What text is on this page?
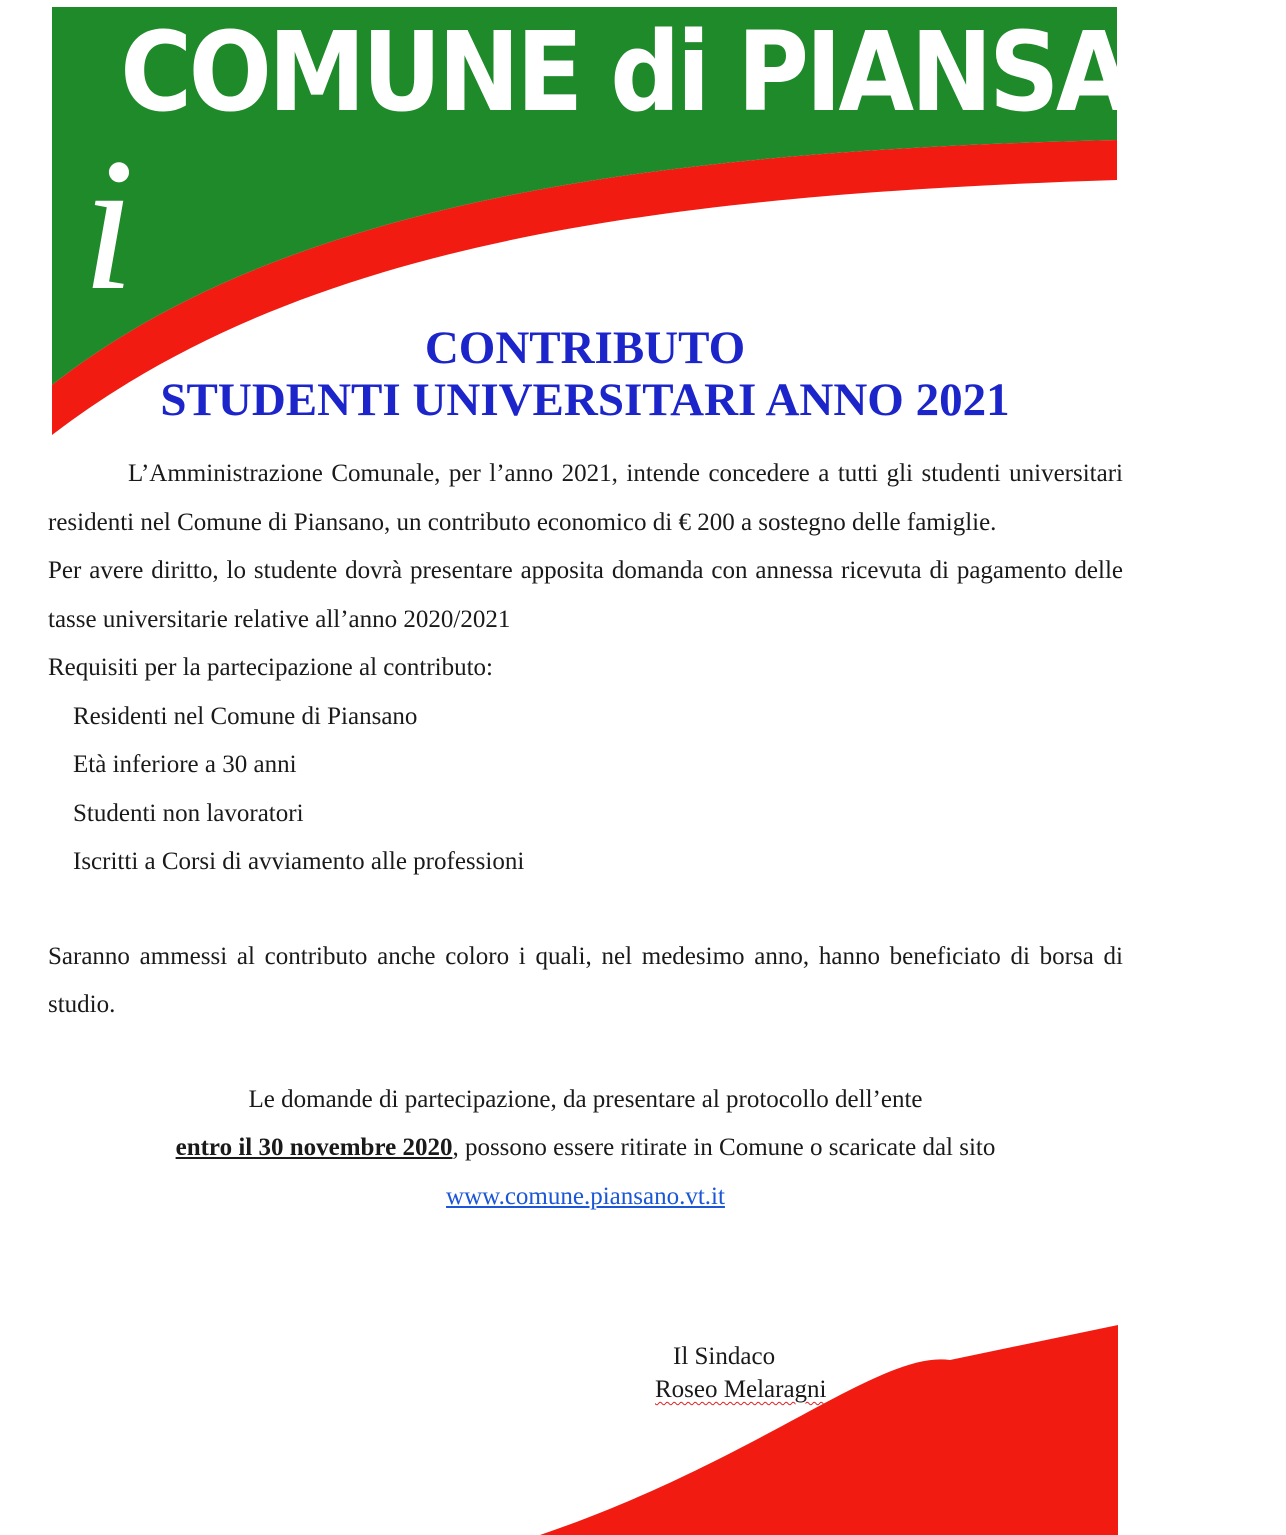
COMUNE di PIANSANO
i
CONTRIBUTO
STUDENTI UNIVERSITARI ANNO 2021

L’Amministrazione Comunale, per l’anno 2021, intende concedere a tutti gli studenti universitari residenti nel Comune di Piansano, un contributo economico di € 200 a sostegno delle famiglie.

Per avere diritto, lo studente dovrà presentare apposita domanda con annessa ricevuta di pagamento delle tasse universitarie relative all’anno 2020/2021

Requisiti per la partecipazione al contributo:

Residenti nel Comune di Piansano
Età inferiore a 30 anni
Studenti non lavoratori
Iscritti a Corsi di avviamento alle professioni

Saranno ammessi al contributo anche coloro i quali, nel medesimo anno, hanno beneficiato di borsa di studio.

Le domande di partecipazione, da presentare al protocollo dell’ente

entro il 30 novembre 2020, possono essere ritirate in Comune o scaricate dal sito

www.comune.piansano.vt.it

Il Sindaco
Roseo Melaragni
